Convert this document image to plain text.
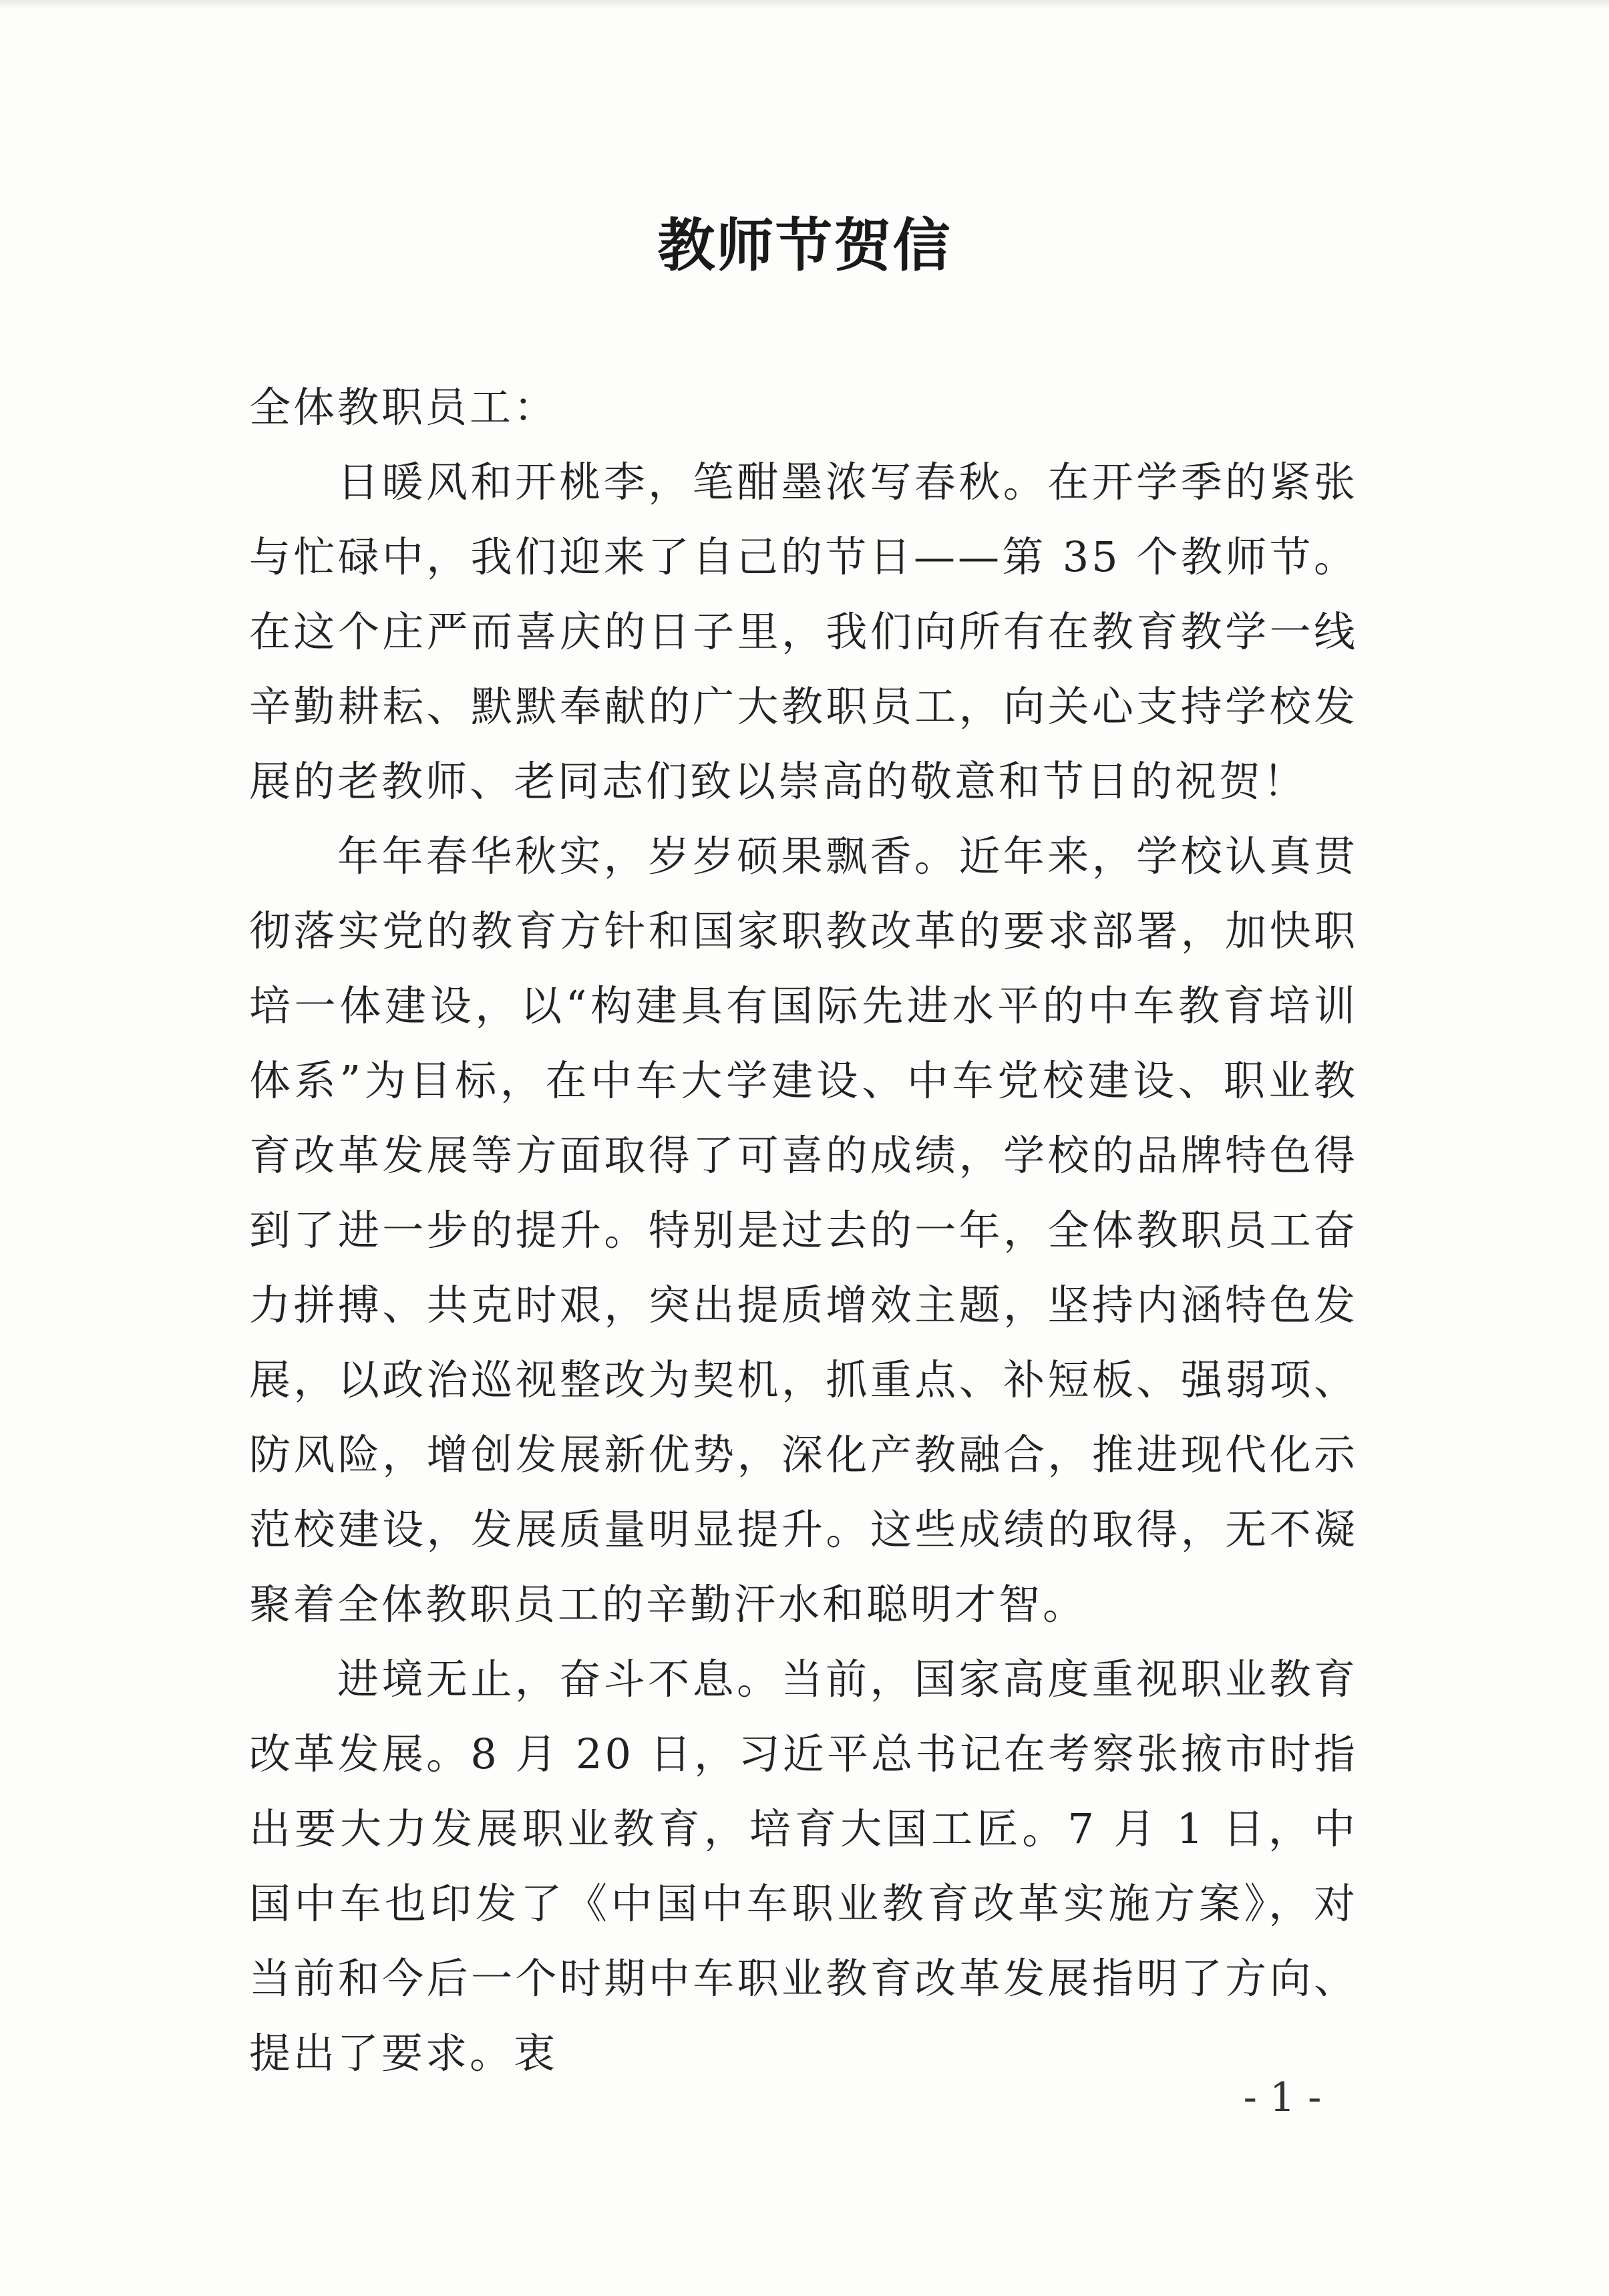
教师节贺信

全体教职员工：

日暖风和开桃李，笔酣墨浓写春秋。在开学季的紧张与忙碌中，我们迎来了自己的节日——第 35 个教师节。在这个庄严而喜庆的日子里，我们向所有在教育教学一线辛勤耕耘、默默奉献的广大教职员工，向关心支持学校发展的老教师、老同志们致以崇高的敬意和节日的祝贺！

年年春华秋实，岁岁硕果飘香。近年来，学校认真贯彻落实党的教育方针和国家职教改革的要求部署，加快职培一体建设，以“构建具有国际先进水平的中车教育培训体系”为目标，在中车大学建设、中车党校建设、职业教育改革发展等方面取得了可喜的成绩，学校的品牌特色得到了进一步的提升。特别是过去的一年，全体教职员工奋力拼搏、共克时艰，突出提质增效主题，坚持内涵特色发展，以政治巡视整改为契机，抓重点、补短板、强弱项、防风险，增创发展新优势，深化产教融合，推进现代化示范校建设，发展质量明显提升。这些成绩的取得，无不凝聚着全体教职员工的辛勤汗水和聪明才智。

进境无止，奋斗不息。当前，国家高度重视职业教育改革发展。8 月 20 日，习近平总书记在考察张掖市时指出要大力发展职业教育，培育大国工匠。7 月 1 日，中国中车也印发了《中国中车职业教育改革实施方案》，对当前和今后一个时期中车职业教育改革发展指明了方向、提出了要求。衷

- 1 -
